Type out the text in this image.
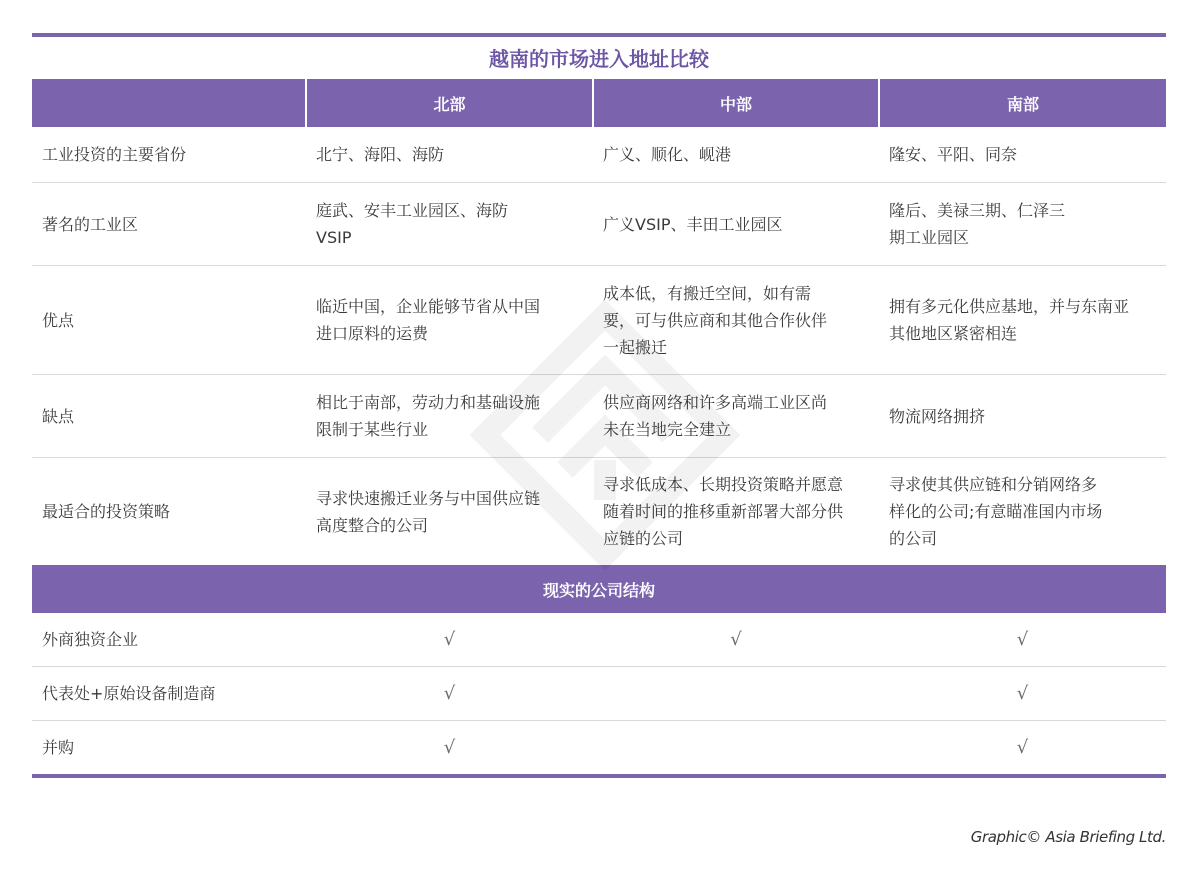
越南的市场进入地址比较
	北部	中部	南部
工业投资的主要省份	北宁、海阳、海防	广义、顺化、岘港	隆安、平阳、同奈
著名的工业区	庭武、安丰工业园区、海防VSIP	广义VSIP、丰田工业园区	隆后、美禄三期、仁泽三期工业园区
优点	临近中国，企业能够节省从中国进口原料的运费	成本低，有搬迁空间，如有需要，可与供应商和其他合作伙伴一起搬迁	拥有多元化供应基地，并与东南亚其他地区紧密相连
缺点	相比于南部，劳动力和基础设施限制于某些行业	供应商网络和许多高端工业区尚未在当地完全建立	物流网络拥挤
最适合的投资策略	寻求快速搬迁业务与中国供应链高度整合的公司	寻求低成本、长期投资策略并愿意随着时间的推移重新部署大部分供应链的公司	寻求使其供应链和分销网络多样化的公司;有意瞄准国内市场的公司
现实的公司结构			
外商独资企业	√	√	√
代表处+原始设备制造商	√		√
并购	√		√
Graphic© Asia Briefing Ltd.
